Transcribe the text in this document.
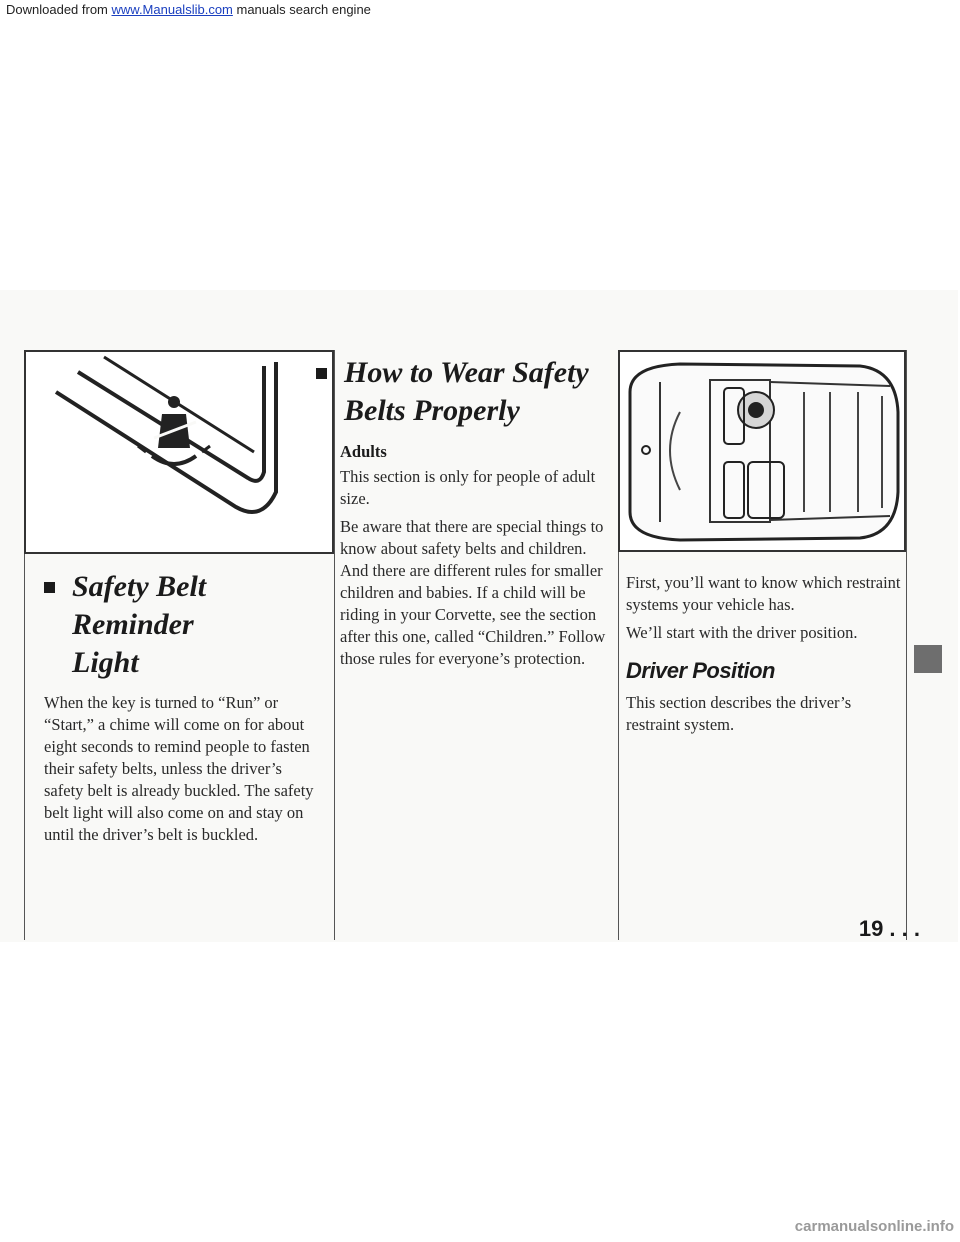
Downloaded from www.Manualslib.com manuals search engine
Safety Belt Reminder
Light

When the key is turned to “Run” or “Start,” a chime will come on for about eight seconds to remind people to fasten their safety belts, unless the driver’s safety belt is already buckled. The safety belt light will also come on and stay on until the driver’s belt is buckled.

How to Wear Safety
Belts Properly
Adults

This section is only for people of adult size.

Be aware that there are special things to know about safety belts and children. And there are different rules for smaller children and babies. If a child will be riding in your Corvette, see the section after this one, called “Children.” Follow those rules for everyone’s protection.

First, you’ll want to know which restraint systems your vehicle has.

We’ll start with the driver position.

Driver Position

This section describes the driver’s restraint system.

19 . . .
carmanualsonline.info
